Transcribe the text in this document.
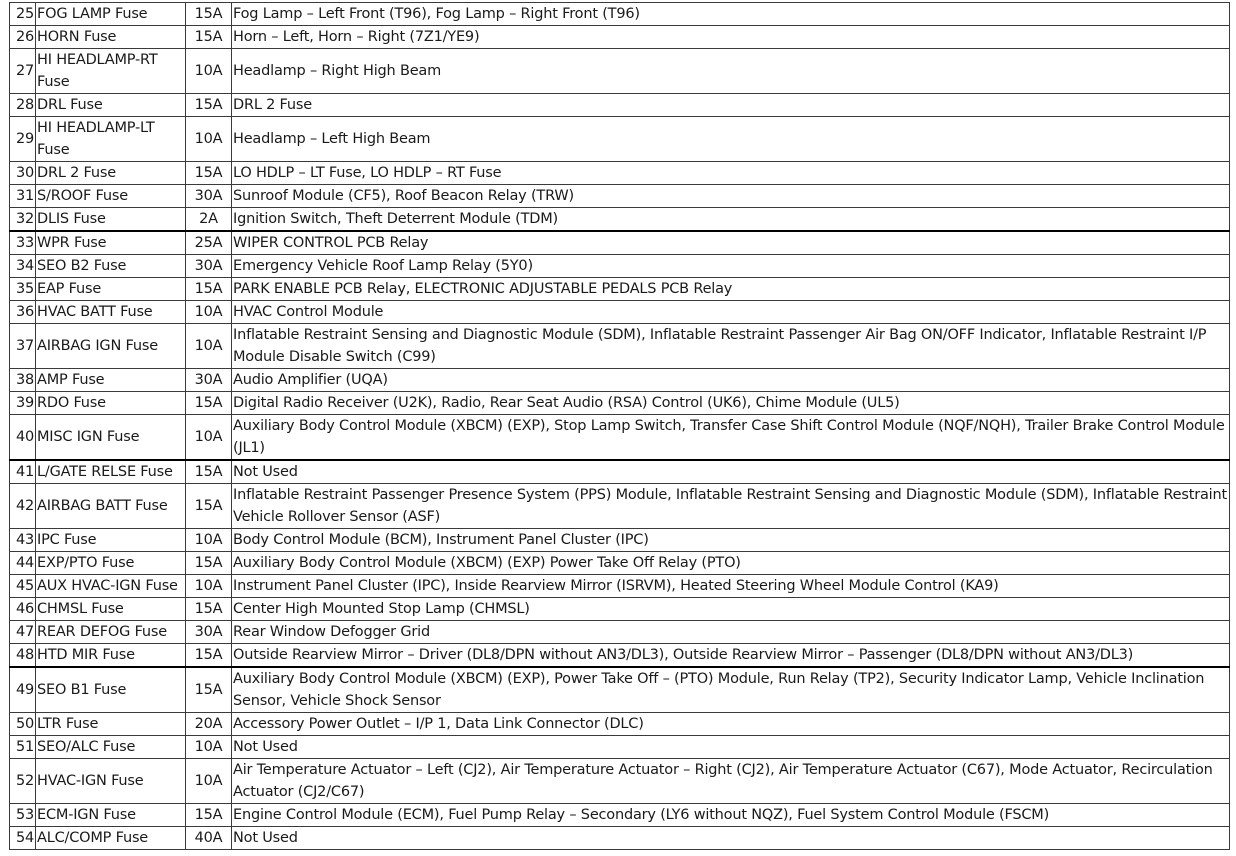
25	FOG LAMP Fuse	15A	Fog Lamp – Left Front (T96), Fog Lamp – Right Front (T96)
26	HORN Fuse	15A	Horn – Left, Horn – Right (7Z1/YE9)
27	HI HEADLAMP-RT Fuse	10A	Headlamp – Right High Beam
28	DRL Fuse	15A	DRL 2 Fuse
29	HI HEADLAMP-LT Fuse	10A	Headlamp – Left High Beam
30	DRL 2 Fuse	15A	LO HDLP – LT Fuse, LO HDLP – RT Fuse
31	S/ROOF Fuse	30A	Sunroof Module (CF5), Roof Beacon Relay (TRW)
32	DLIS Fuse	2A	Ignition Switch, Theft Deterrent Module (TDM)
33	WPR Fuse	25A	WIPER CONTROL PCB Relay
34	SEO B2 Fuse	30A	Emergency Vehicle Roof Lamp Relay (5Y0)
35	EAP Fuse	15A	PARK ENABLE PCB Relay, ELECTRONIC ADJUSTABLE PEDALS PCB Relay
36	HVAC BATT Fuse	10A	HVAC Control Module
37	AIRBAG IGN Fuse	10A	Inflatable Restraint Sensing and Diagnostic Module (SDM), Inflatable Restraint Passenger Air Bag ON/OFF Indicator, Inflatable Restraint I/P Module Disable Switch (C99)
38	AMP Fuse	30A	Audio Amplifier (UQA)
39	RDO Fuse	15A	Digital Radio Receiver (U2K), Radio, Rear Seat Audio (RSA) Control (UK6), Chime Module (UL5)
40	MISC IGN Fuse	10A	Auxiliary Body Control Module (XBCM) (EXP), Stop Lamp Switch, Transfer Case Shift Control Module (NQF/NQH), Trailer Brake Control Module (JL1)
41	L/GATE RELSE Fuse	15A	Not Used
42	AIRBAG BATT Fuse	15A	Inflatable Restraint Passenger Presence System (PPS) Module, Inflatable Restraint Sensing and Diagnostic Module (SDM), Inflatable Restraint Vehicle Rollover Sensor (ASF)
43	IPC Fuse	10A	Body Control Module (BCM), Instrument Panel Cluster (IPC)
44	EXP/PTO Fuse	15A	Auxiliary Body Control Module (XBCM) (EXP) Power Take Off Relay (PTO)
45	AUX HVAC-IGN Fuse	10A	Instrument Panel Cluster (IPC), Inside Rearview Mirror (ISRVM), Heated Steering Wheel Module Control (KA9)
46	CHMSL Fuse	15A	Center High Mounted Stop Lamp (CHMSL)
47	REAR DEFOG Fuse	30A	Rear Window Defogger Grid
48	HTD MIR Fuse	15A	Outside Rearview Mirror – Driver (DL8/DPN without AN3/DL3), Outside Rearview Mirror – Passenger (DL8/DPN without AN3/DL3)
49	SEO B1 Fuse	15A	Auxiliary Body Control Module (XBCM) (EXP), Power Take Off – (PTO) Module, Run Relay (TP2), Security Indicator Lamp, Vehicle Inclination Sensor, Vehicle Shock Sensor
50	LTR Fuse	20A	Accessory Power Outlet – I/P 1, Data Link Connector (DLC)
51	SEO/ALC Fuse	10A	Not Used
52	HVAC-IGN Fuse	10A	Air Temperature Actuator – Left (CJ2), Air Temperature Actuator – Right (CJ2), Air Temperature Actuator (C67), Mode Actuator, Recirculation Actuator (CJ2/C67)
53	ECM-IGN Fuse	15A	Engine Control Module (ECM), Fuel Pump Relay – Secondary (LY6 without NQZ), Fuel System Control Module (FSCM)
54	ALC/COMP Fuse	40A	Not Used
